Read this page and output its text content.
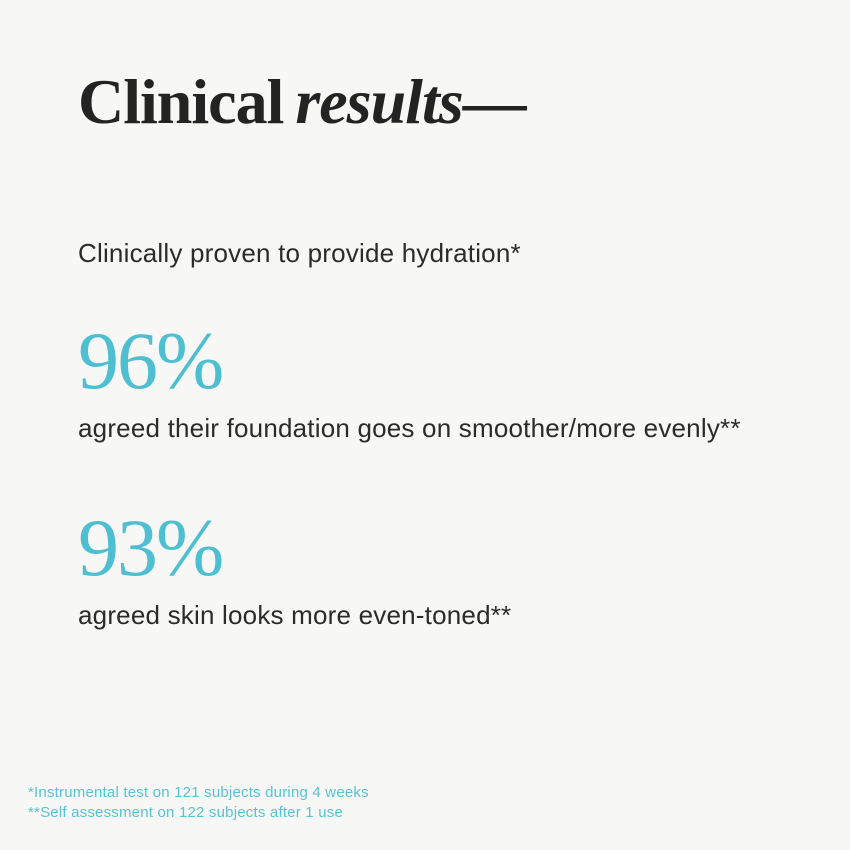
Clinical results—

Clinically proven to provide hydration*

96%

agreed their foundation goes on smoother/more evenly**

93%

agreed skin looks more even-toned**

*Instrumental test on 121 subjects during 4 weeks
**Self assessment on 122 subjects after 1 use
